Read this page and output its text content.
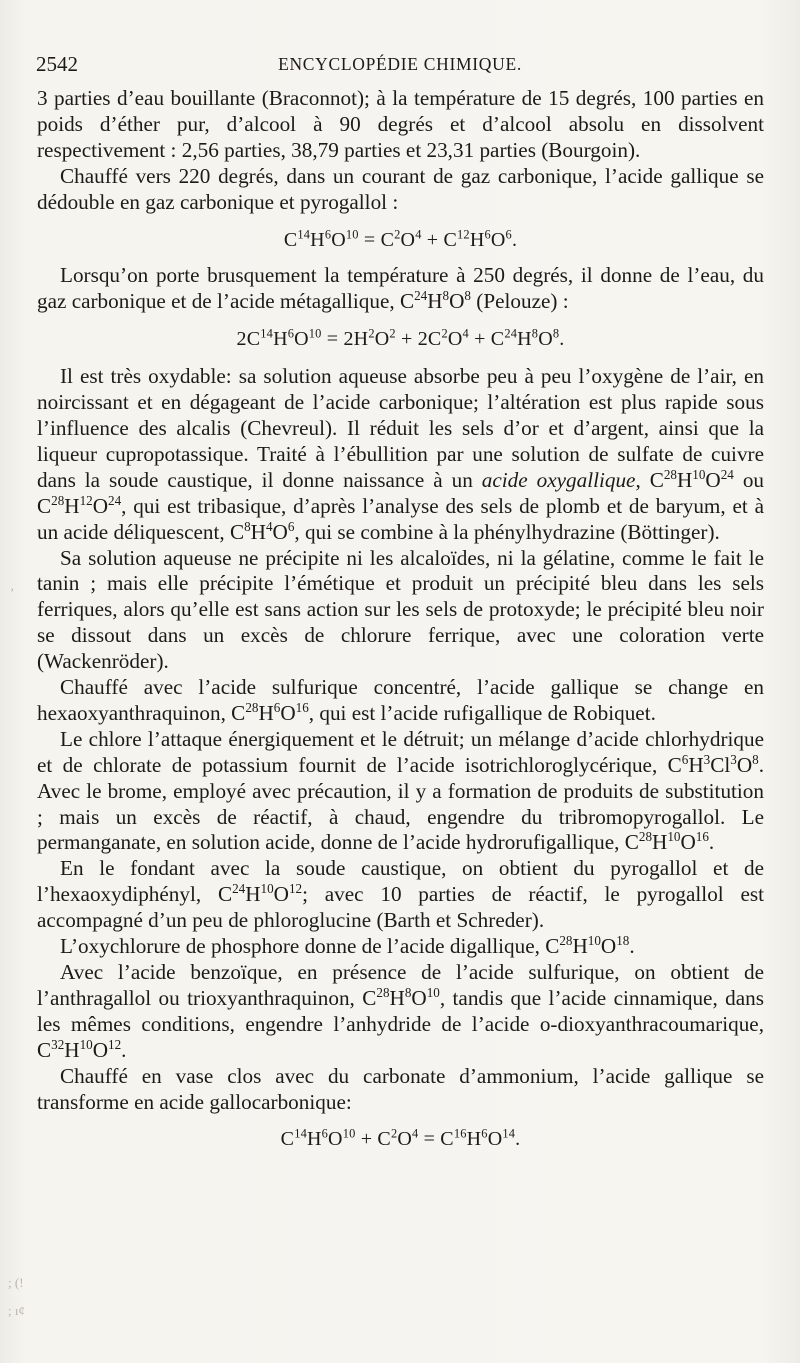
2542	ENCYCLOPÉDIE CHIMIQUE.
’
; (!
; ı¢

3 parties d’eau bouillante (Braconnot); à la température de 15 degrés, 100 parties en poids d’éther pur, d’alcool à 90 degrés et d’alcool absolu en dissolvent respectivement : 2,56 parties, 38,79 parties et 23,31 parties (Bourgoin).

Chauffé vers 220 degrés, dans un courant de gaz carbonique, l’acide gallique se dédouble en gaz carbonique et pyrogallol :

$C^{14}H^6O^{10} = C^2O^4 + C^{12}H^6O^6$.

Lorsqu’on porte brusquement la température à 250 degrés, il donne de l’eau, du gaz carbonique et de l’acide métagallique, $C^{24}H^8O^8$ (Pelouze) :

$2C^{14}H^6O^{10} = 2H^2O^2 + 2C^2O^4 + C^{24}H^8O^8$.

Il est très oxydable: sa solution aqueuse absorbe peu à peu l’oxygène de l’air, en noircissant et en dégageant de l’acide carbonique; l’altération est plus rapide sous l’influence des alcalis (Chevreul). Il réduit les sels d’or et d’argent, ainsi que la liqueur cupropotassique. Traité à l’ébullition par une solution de sulfate de cuivre dans la soude caustique, il donne naissance à un acide oxygallique, $C^{28}H^{10}O^{24}$ ou $C^{28}H^{12}O^{24}$, qui est tribasique, d’après l’analyse des sels de plomb et de baryum, et à un acide déliquescent, $C^8H^4O^6$, qui se combine à la phénylhydrazine (Böttinger).

Sa solution aqueuse ne précipite ni les alcaloïdes, ni la gélatine, comme le fait le tanin ; mais elle précipite l’émétique et produit un précipité bleu dans les sels ferriques, alors qu’elle est sans action sur les sels de protoxyde; le précipité bleu noir se dissout dans un excès de chlorure ferrique, avec une coloration verte (Wackenröder).

Chauffé avec l’acide sulfurique concentré, l’acide gallique se change en hexaoxyanthraquinon, $C^{28}H^6O^{16}$, qui est l’acide rufigallique de Robiquet.

Le chlore l’attaque énergiquement et le détruit; un mélange d’acide chlorhydrique et de chlorate de potassium fournit de l’acide isotrichloroglycérique, $C^6H^3Cl^3O^8$. Avec le brome, employé avec précaution, il y a formation de produits de substitution ; mais un excès de réactif, à chaud, engendre du tribromopyrogallol. Le permanganate, en solution acide, donne de l’acide hydrorufigallique, $C^{28}H^{10}O^{16}$.

En le fondant avec la soude caustique, on obtient du pyrogallol et de l’hexaoxydiphényl, $C^{24}H^{10}O^{12}$; avec 10 parties de réactif, le pyrogallol est accompagné d’un peu de phloroglucine (Barth et Schreder).

L’oxychlorure de phosphore donne de l’acide digallique, $C^{28}H^{10}O^{18}$.

Avec l’acide benzoïque, en présence de l’acide sulfurique, on obtient de l’anthragallol ou trioxyanthraquinon, $C^{28}H^8O^{10}$, tandis que l’acide cinnamique, dans les mêmes conditions, engendre l’anhydride de l’acide o-dioxyanthracoumarique, $C^{32}H^{10}O^{12}$.

Chauffé en vase clos avec du carbonate d’ammonium, l’acide gallique se transforme en acide gallocarbonique:

$C^{14}H^6O^{10} + C^2O^4 = C^{16}H^6O^{14}$.
